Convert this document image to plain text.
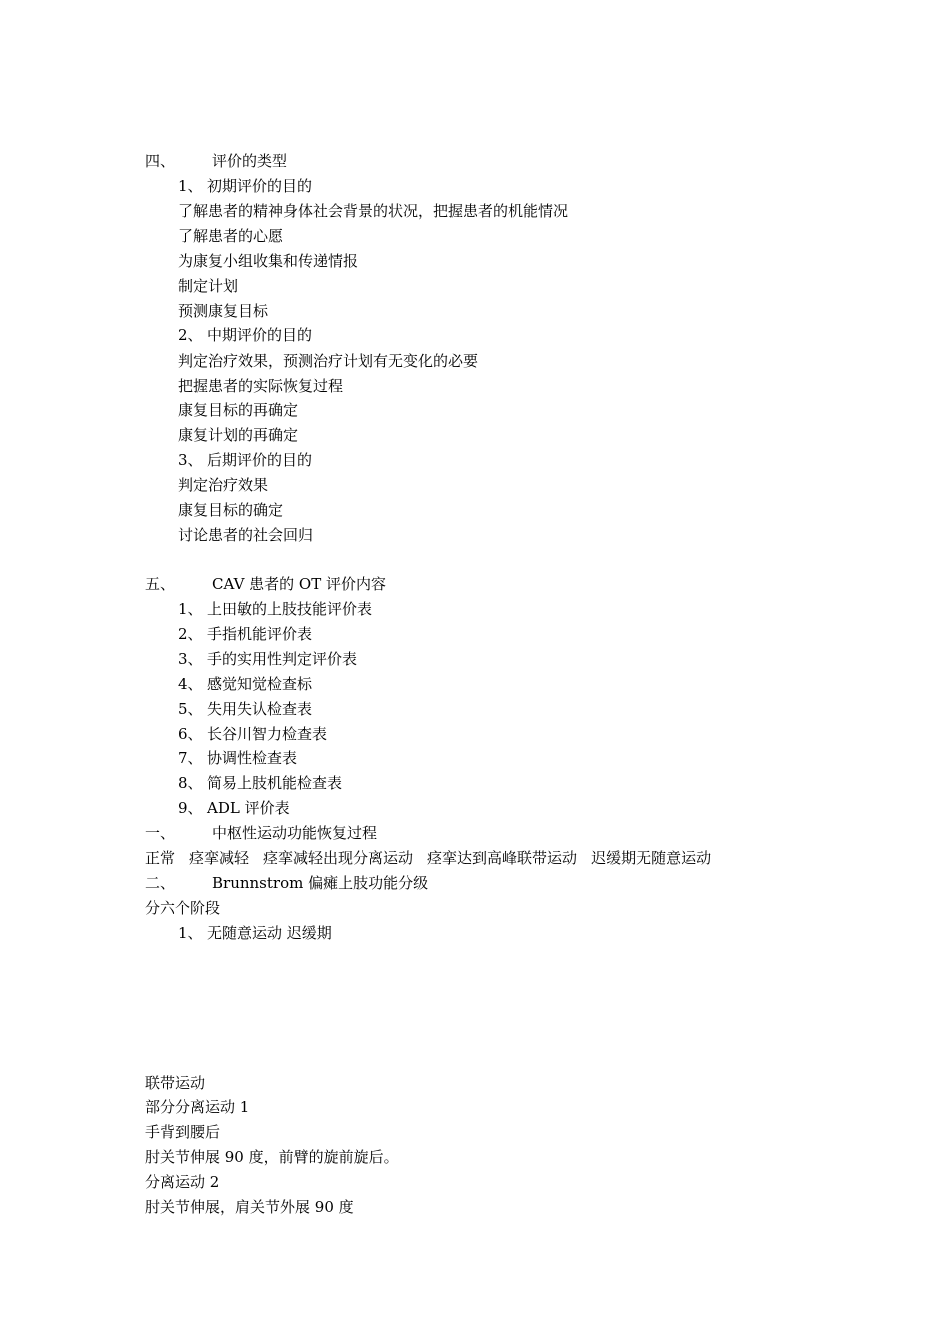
四、 评价的类型
1、 初期评价的目的
了解患者的精神身体社会背景的状况，把握患者的机能情况
了解患者的心愿
为康复小组收集和传递情报
制定计划
预测康复目标
2、 中期评价的目的
判定治疗效果，预测治疗计划有无变化的必要
把握患者的实际恢复过程
康复目标的再确定
康复计划的再确定
3、 后期评价的目的
判定治疗效果
康复目标的确定
讨论患者的社会回归
五、 CAV 患者的 OT 评价内容
1、 上田敏的上肢技能评价表
2、 手指机能评价表
3、 手的实用性判定评价表
4、 感觉知觉检查标
5、 失用失认检查表
6、 长谷川智力检查表
7、 协调性检查表
8、 简易上肢机能检查表
9、 ADL 评价表
一、 中枢性运动功能恢复过程
正常 痉挛减轻 痉挛减轻出现分离运动 痉挛达到高峰联带运动 迟缓期无随意运动
二、 Brunnstrom 偏瘫上肢功能分级
分六个阶段
1、 无随意运动 迟缓期
联带运动
部分分离运动 1
手背到腰后
肘关节伸展 90 度，前臂的旋前旋后。
分离运动 2
肘关节伸展，肩关节外展 90 度
